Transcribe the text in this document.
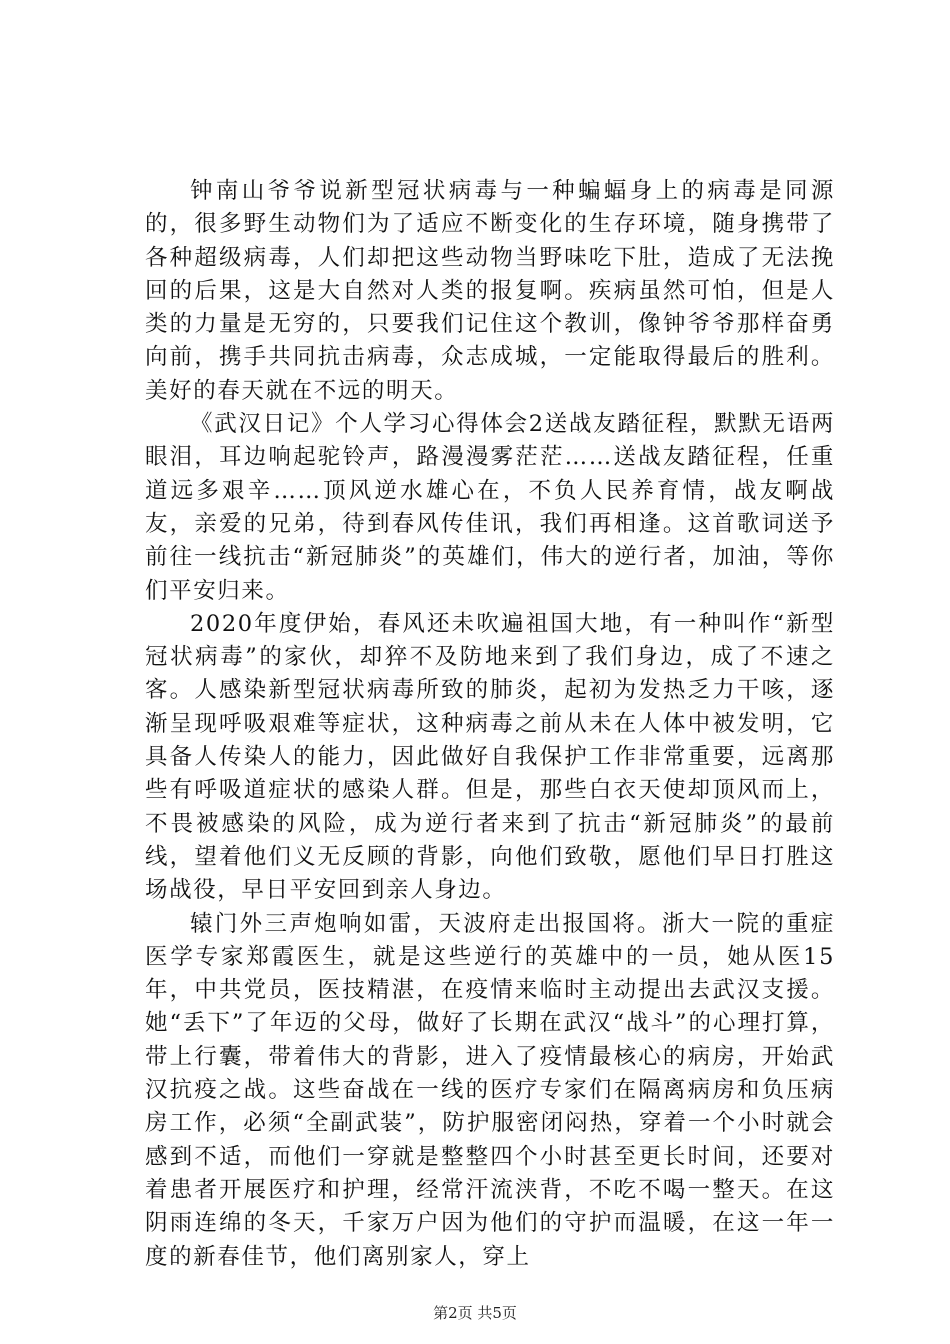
钟南山爷爷说新型冠状病毒与一种蝙蝠身上的病毒是同源的，很多野生动物们为了适应不断变化的生存环境，随身携带了各种超级病毒，人们却把这些动物当野味吃下肚，造成了无法挽回的后果，这是大自然对人类的报复啊。疾病虽然可怕，但是人类的力量是无穷的，只要我们记住这个教训，像钟爷爷那样奋勇向前，携手共同抗击病毒，众志成城，一定能取得最后的胜利。美好的春天就在不远的明天。

《武汉日记》个人学习心得体会2送战友踏征程，默默无语两眼泪，耳边响起驼铃声，路漫漫雾茫茫……送战友踏征程，任重道远多艰辛……顶风逆水雄心在，不负人民养育情，战友啊战友，亲爱的兄弟，待到春风传佳讯，我们再相逢。这首歌词送予前往一线抗击“新冠肺炎”的英雄们，伟大的逆行者，加油，等你们平安归来。

2020年度伊始，春风还未吹遍祖国大地，有一种叫作“新型冠状病毒”的家伙，却猝不及防地来到了我们身边，成了不速之客。人感染新型冠状病毒所致的肺炎，起初为发热乏力干咳，逐渐呈现呼吸艰难等症状，这种病毒之前从未在人体中被发明，它具备人传染人的能力，因此做好自我保护工作非常重要，远离那些有呼吸道症状的感染人群。但是，那些白衣天使却顶风而上，不畏被感染的风险，成为逆行者来到了抗击“新冠肺炎”的最前线，望着他们义无反顾的背影，向他们致敬，愿他们早日打胜这场战役，早日平安回到亲人身边。

辕门外三声炮响如雷，天波府走出报国将。浙大一院的重症医学专家郑霞医生，就是这些逆行的英雄中的一员，她从医15年，中共党员，医技精湛，在疫情来临时主动提出去武汉支援。她“丢下”了年迈的父母，做好了长期在武汉“战斗”的心理打算，带上行囊，带着伟大的背影，进入了疫情最核心的病房，开始武汉抗疫之战。这些奋战在一线的医疗专家们在隔离病房和负压病房工作，必须“全副武装”，防护服密闭闷热，穿着一个小时就会感到不适，而他们一穿就是整整四个小时甚至更长时间，还要对着患者开展医疗和护理，经常汗流浃背，不吃不喝一整天。在这阴雨连绵的冬天，千家万户因为他们的守护而温暖，在这一年一度的新春佳节，他们离别家人，穿上

第2页 共5页
